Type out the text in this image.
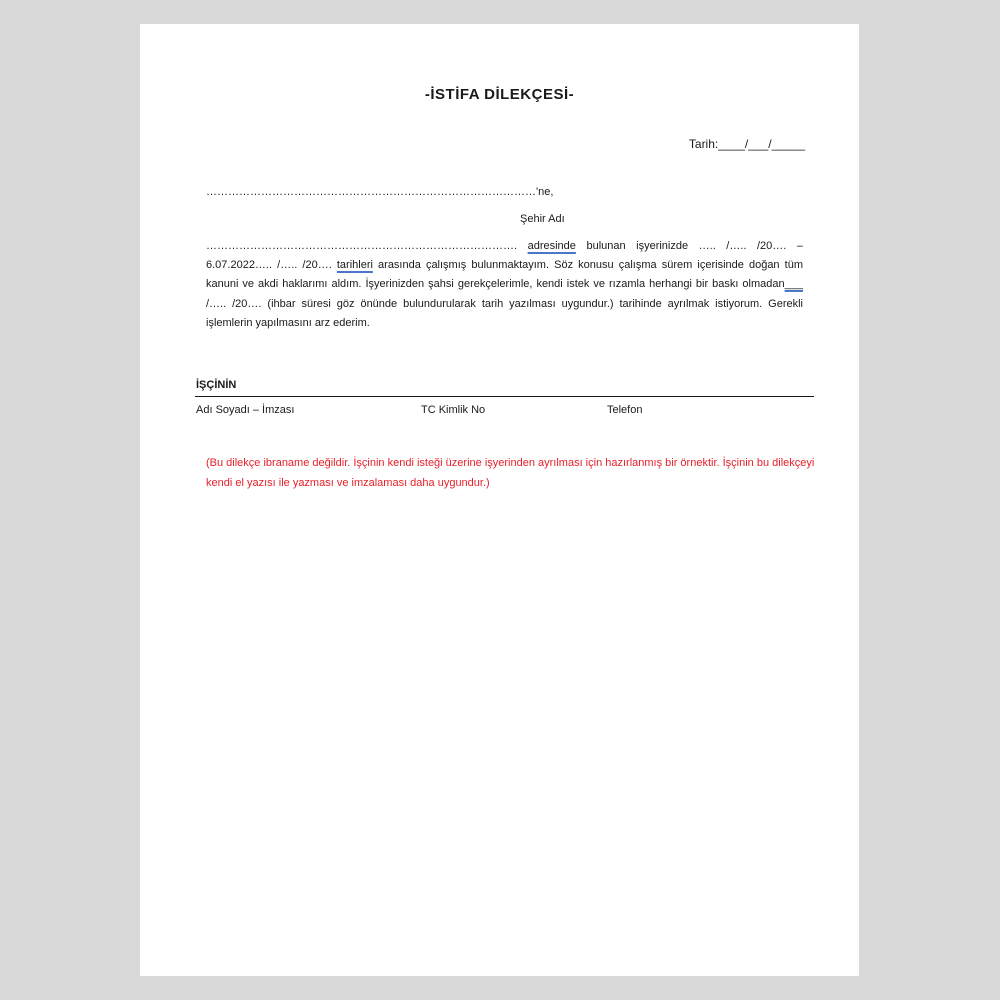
-İSTİFA DİLEKÇESİ-
Tarih:____/___/_____
………………………………………………………………………………'ne,
Şehir Adı
…………………………………………………………………………. adresinde bulunan işyerinizde ….. /….. /20…. – 6.07.2022….. /….. /20…. tarihleri arasında çalışmış bulunmaktayım. Söz konusu çalışma sürem içerisinde doğan tüm kanuni ve akdi haklarımı aldım. İşyerinizden şahsi gerekçelerimle, kendi istek ve rızamla herhangi bir baskı olmadan___ /….. /20…. (ihbar süresi göz önünde bulundurularak tarih yazılması uygundur.) tarihinde ayrılmak istiyorum. Gerekli işlemlerin yapılmasını arz ederim.
İŞÇİNİN
Adı Soyadı – İmzası	TC Kimlik No	Telefon
(Bu dilekçe ibraname değildir. İşçinin kendi isteği üzerine işyerinden ayrılması için hazırlanmış bir örnektir. İşçinin bu dilekçeyi kendi el yazısı ile yazması ve imzalaması daha uygundur.)
